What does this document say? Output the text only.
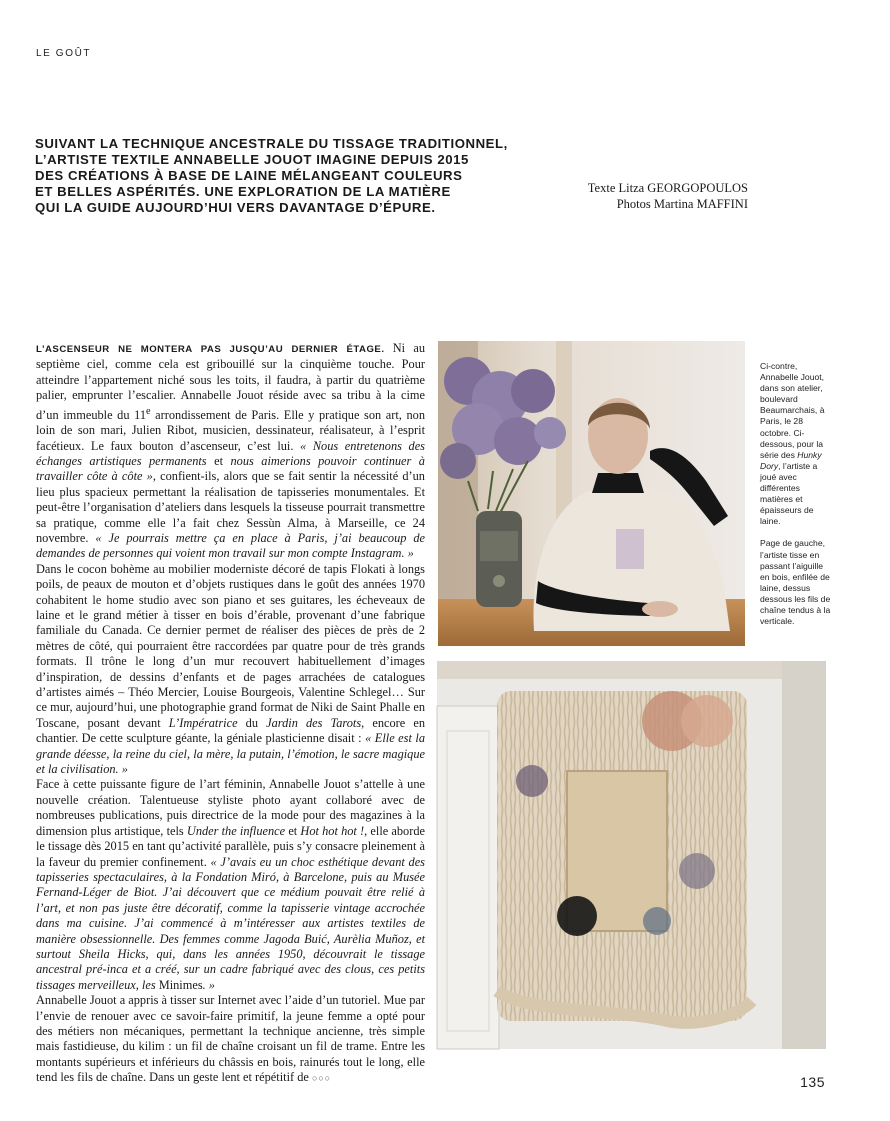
LE GOÛT
SUIVANT LA TECHNIQUE ANCESTRALE DU TISSAGE TRADITIONNEL,
L’ARTISTE TEXTILE ANNABELLE JOUOT IMAGINE DEPUIS 2015
DES CRÉATIONS À BASE DE LAINE MÉLANGEANT COULEURS
ET BELLES ASPÉRITÉS. UNE EXPLORATION DE LA MATIÈRE
QUI LA GUIDE AUJOURD’HUI VERS DAVANTAGE D’ÉPURE.
Texte Litza GEORGOPOULOS
Photos Martina MAFFINI

L’ASCENSEUR NE MONTERA PAS JUSQU’AU DERNIER ÉTAGE. Ni au septième ciel, comme cela est gribouillé sur la cinquième touche. Pour atteindre l’appartement niché sous les toits, il faudra, à partir du quatrième palier, emprunter l’escalier. Annabelle Jouot réside avec sa tribu à la cime d’un immeuble du 11e arrondissement de Paris. Elle y pratique son art, non loin de son mari, Julien Ribot, musicien, dessinateur, réalisateur, à l’esprit facétieux. Le faux bouton d’ascenseur, c’est lui. « Nous entretenons des échanges artistiques permanents et nous aimerions pouvoir continuer à travailler côte à côte », confient-ils, alors que se fait sentir la nécessité d’un lieu plus spacieux permettant la réalisation de tapisseries monumentales. Et peut-être l’organisation d’ateliers dans lesquels la tisseuse pourrait transmettre sa pratique, comme elle l’a fait chez Sessùn Alma, à Marseille, ce 24 novembre. « Je pourrais mettre ça en place à Paris, j’ai beaucoup de demandes de personnes qui voient mon travail sur mon compte Instagram. »

Dans le cocon bohème au mobilier moderniste décoré de tapis Flokati à longs poils, de peaux de mouton et d’objets rustiques dans le goût des années 1970 cohabitent le home studio avec son piano et ses guitares, les écheveaux de laine et le grand métier à tisser en bois d’érable, provenant d’une fabrique familiale du Canada. Ce dernier permet de réaliser des pièces de près de 2 mètres de côté, qui pourraient être raccordées par quatre pour de très grands formats. Il trône le long d’un mur recouvert habituellement d’images d’inspiration, de dessins d’enfants et de pages arrachées de catalogues d’artistes aimés – Théo Mercier, Louise Bourgeois, Valentine Schlegel… Sur ce mur, aujourd’hui, une photographie grand format de Niki de Saint Phalle en Toscane, posant devant L’Impératrice du Jardin des Tarots, encore en chantier. De cette sculpture géante, la géniale plasticienne disait : « Elle est la grande déesse, la reine du ciel, la mère, la putain, l’émotion, le sacre magique et la civilisation. »

Face à cette puissante figure de l’art féminin, Annabelle Jouot s’attelle à une nouvelle création. Talentueuse styliste photo ayant collaboré avec de nombreuses publications, puis directrice de la mode pour des magazines à la dimension plus artistique, tels Under the influence et Hot hot hot !, elle aborde le tissage dès 2015 en tant qu’activité parallèle, puis s’y consacre pleinement à la faveur du premier confinement. « J’avais eu un choc esthétique devant des tapisseries spectaculaires, à la Fondation Miró, à Barcelone, puis au Musée Fernand-Léger de Biot. J’ai découvert que ce médium pouvait être relié à l’art, et non pas juste être décoratif, comme la tapisserie vintage accrochée dans ma cuisine. J’ai commencé à m’intéresser aux artistes textiles de manière obsessionnelle. Des femmes comme Jagoda Buić, Aurèlia Muñoz, et surtout Sheila Hicks, qui, dans les années 1950, découvrait le tissage ancestral pré-inca et a créé, sur un cadre fabriqué avec des clous, ces petits tissages merveilleux, les Minimes. »

Annabelle Jouot a appris à tisser sur Internet avec l’aide d’un tutoriel. Mue par l’envie de renouer avec ce savoir-faire primitif, la jeune femme a opté pour des métiers non mécaniques, permettant la technique ancienne, très simple mais fastidieuse, du kilim : un fil de chaîne croisant un fil de trame. Entre les montants supérieurs et inférieurs du châssis en bois, rainurés tout le long, elle tend les fils de chaîne. Dans un geste lent et répétitif de ○○○

Ci-contre, Annabelle Jouot, dans son atelier, boulevard Beaumarchais, à Paris, le 28 octobre. Ci-dessous, pour la série des Hunky Dory, l’artiste a joué avec différentes matières et épaisseurs de laine.

Page de gauche, l’artiste tisse en passant l’aiguille en bois, enfilée de laine, dessus dessous les fils de chaîne tendus à la verticale.

135
